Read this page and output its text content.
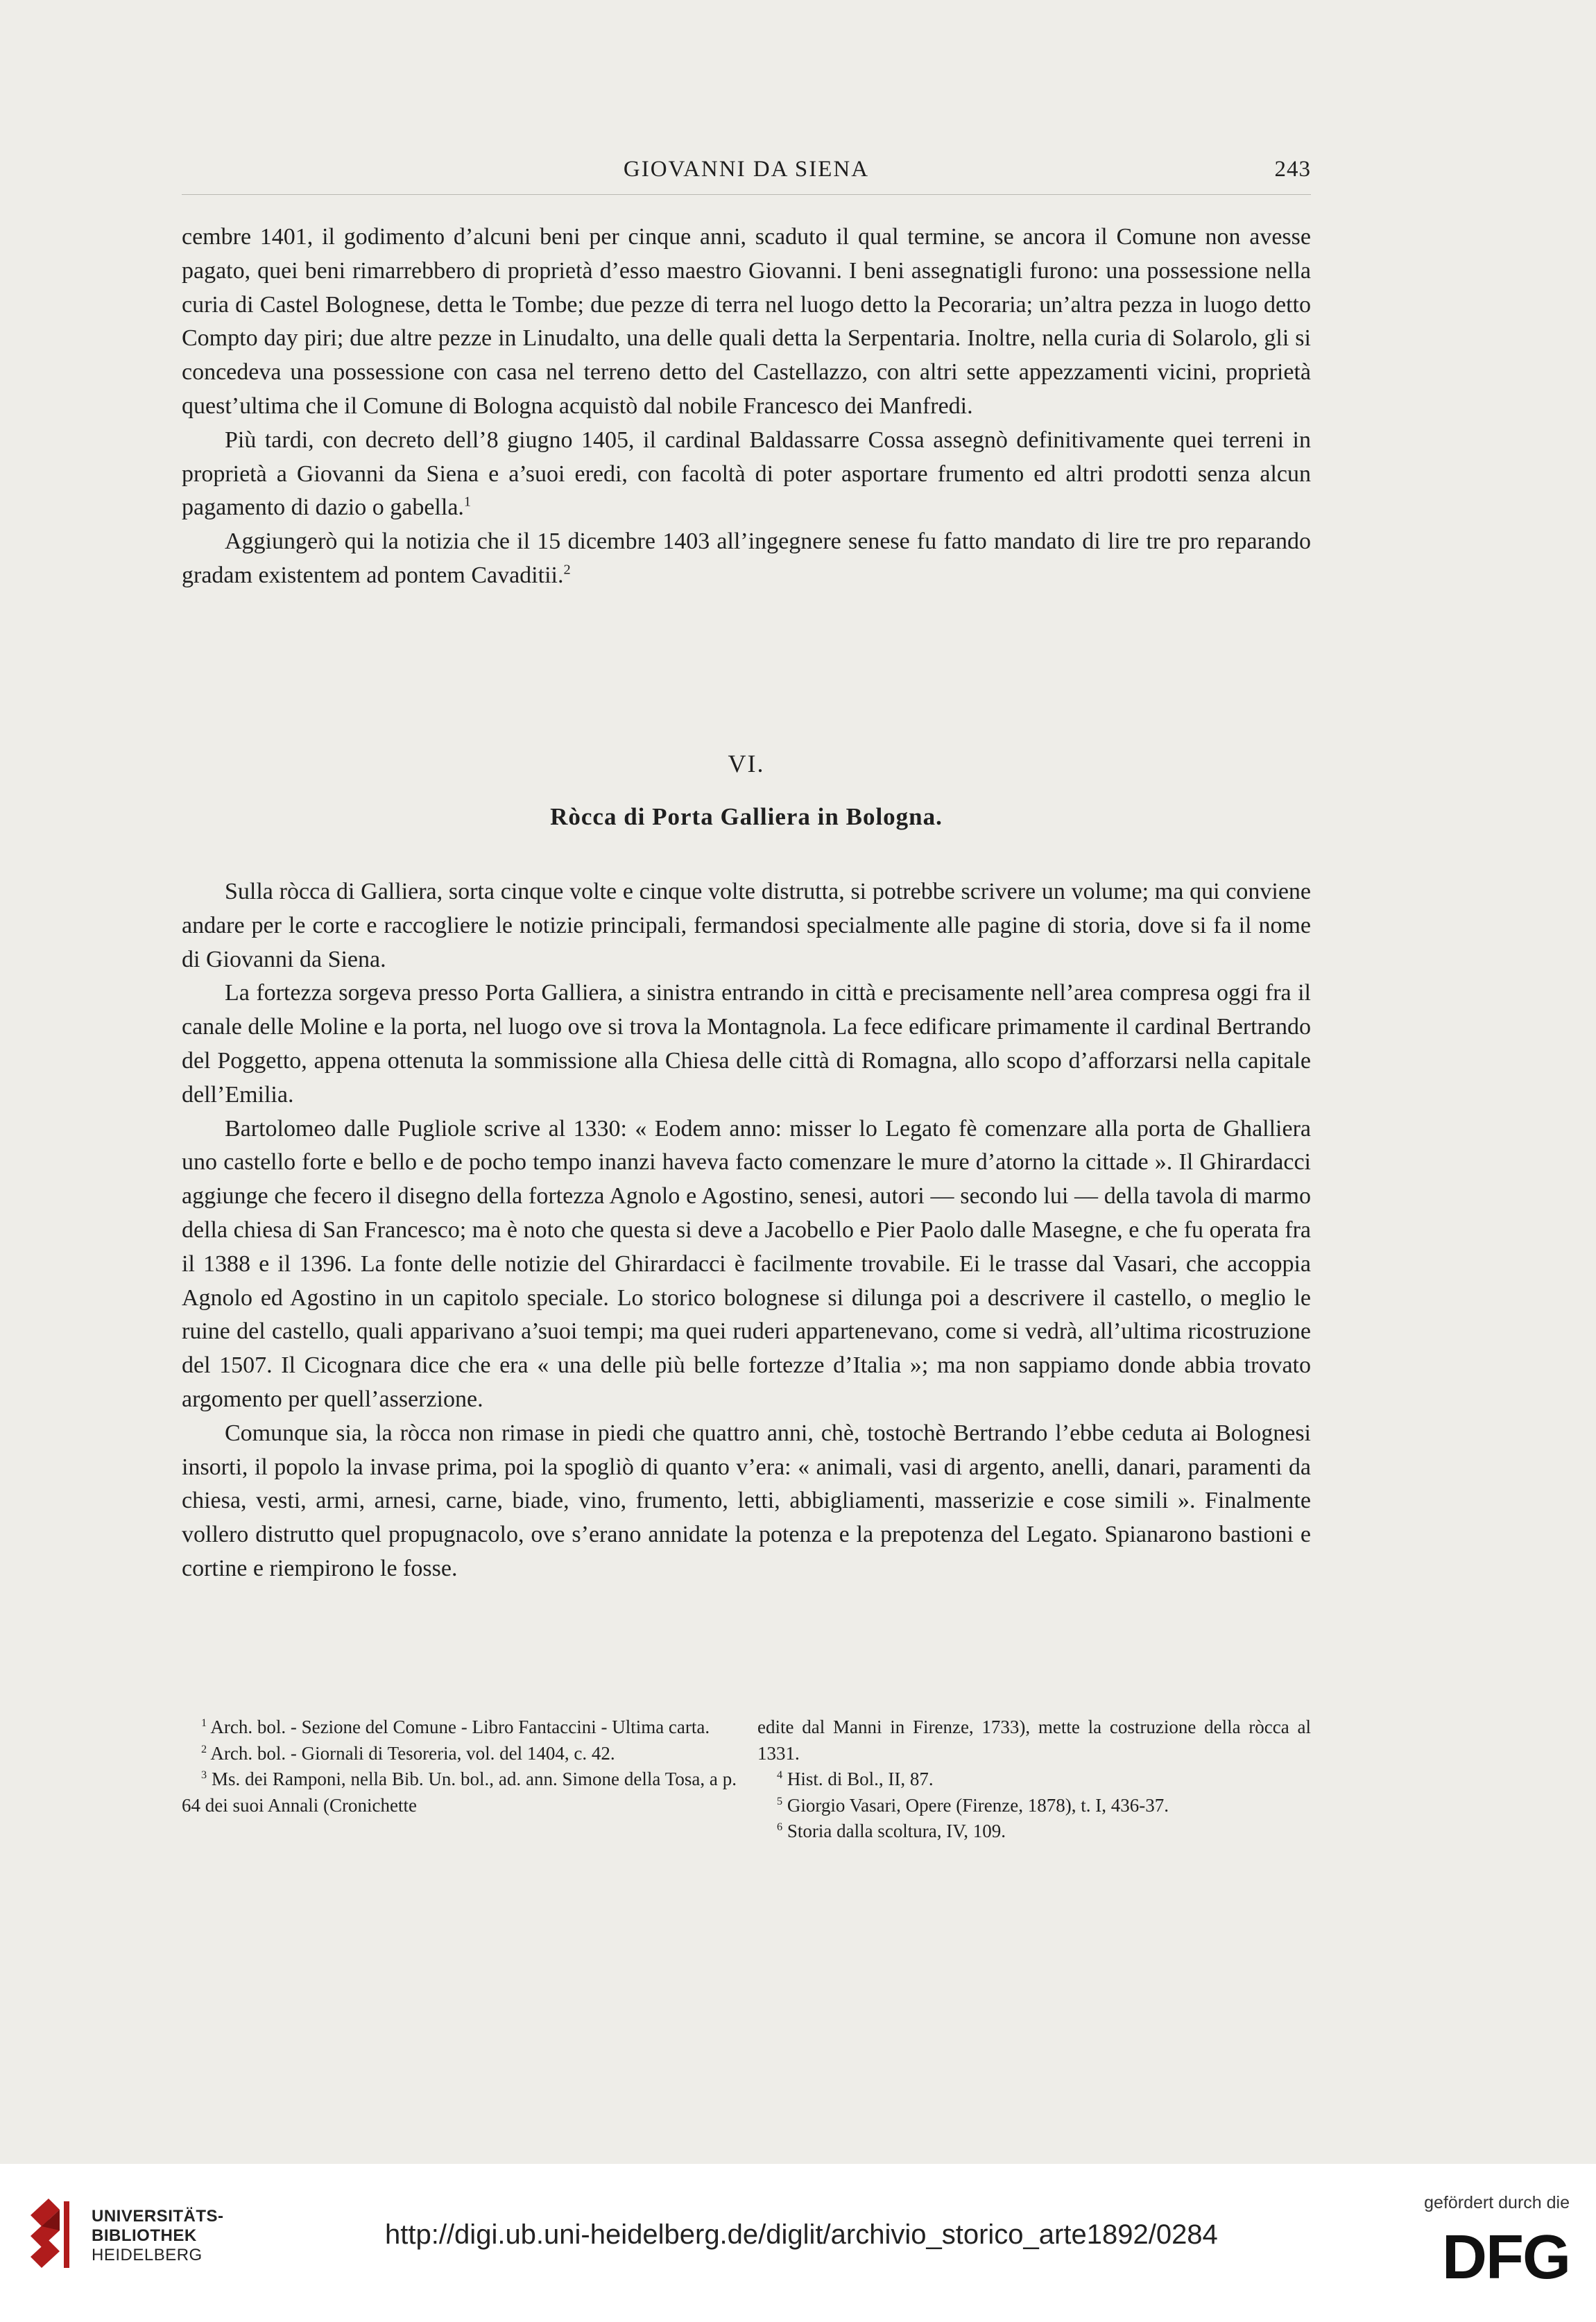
GIOVANNI DA SIENA	243

cembre 1401, il godimento d’alcuni beni per cinque anni, scaduto il qual termine, se ancora il Comune non avesse pagato, quei beni rimarrebbero di proprietà d’esso maestro Giovanni. I beni assegnatigli furono: una possessione nella curia di Castel Bolognese, detta le Tombe; due pezze di terra nel luogo detto la Pecoraria; un’altra pezza in luogo detto Compto day piri; due altre pezze in Linudalto, una delle quali detta la Serpentaria. Inoltre, nella curia di Solarolo, gli si concedeva una possessione con casa nel terreno detto del Castellazzo, con altri sette appezzamenti vicini, proprietà quest’ultima che il Comune di Bologna acquistò dal nobile Francesco dei Manfredi.

Più tardi, con decreto dell’8 giugno 1405, il cardinal Baldassarre Cossa assegnò definitivamente quei terreni in proprietà a Giovanni da Siena e a’suoi eredi, con facoltà di poter asportare frumento ed altri prodotti senza alcun pagamento di dazio o gabella.$^1$

Aggiungerò qui la notizia che il 15 dicembre 1403 all’ingegnere senese fu fatto mandato di lire tre pro reparando gradam existentem ad pontem Cavaditii.$^2$

VI.
Ròcca di Porta Galliera in Bologna.

Sulla ròcca di Galliera, sorta cinque volte e cinque volte distrutta, si potrebbe scrivere un volume; ma qui conviene andare per le corte e raccogliere le notizie principali, fermandosi specialmente alle pagine di storia, dove si fa il nome di Giovanni da Siena.

La fortezza sorgeva presso Porta Galliera, a sinistra entrando in città e precisamente nell’area compresa oggi fra il canale delle Moline e la porta, nel luogo ove si trova la Montagnola. La fece edificare primamente il cardinal Bertrando del Poggetto, appena ottenuta la sommissione alla Chiesa delle città di Romagna, allo scopo d’afforzarsi nella capitale dell’Emilia.

Bartolomeo dalle Pugliole scrive al 1330: « Eodem anno: misser lo Legato fè comenzare alla porta de Ghalliera uno castello forte e bello e de pocho tempo inanzi haveva facto comenzare le mure d’atorno la cittade ». Il Ghirardacci aggiunge che fecero il disegno della fortezza Agnolo e Agostino, senesi, autori — secondo lui — della tavola di marmo della chiesa di San Francesco; ma è noto che questa si deve a Jacobello e Pier Paolo dalle Masegne, e che fu operata fra il 1388 e il 1396. La fonte delle notizie del Ghirardacci è facilmente trovabile. Ei le trasse dal Vasari, che accoppia Agnolo ed Agostino in un capitolo speciale. Lo storico bolognese si dilunga poi a descrivere il castello, o meglio le ruine del castello, quali apparivano a’suoi tempi; ma quei ruderi appartenevano, come si vedrà, all’ultima ricostruzione del 1507. Il Cicognara dice che era « una delle più belle fortezze d’Italia »; ma non sappiamo donde abbia trovato argomento per quell’asserzione.

Comunque sia, la ròcca non rimase in piedi che quattro anni, chè, tostochè Bertrando l’ebbe ceduta ai Bolognesi insorti, il popolo la invase prima, poi la spogliò di quanto v’era: « animali, vasi di argento, anelli, danari, paramenti da chiesa, vesti, armi, arnesi, carne, biade, vino, frumento, letti, abbigliamenti, masserizie e cose simili ». Finalmente vollero distrutto quel propugnacolo, ove s’erano annidate la potenza e la prepotenza del Legato. Spianarono bastioni e cortine e riempirono le fosse.

$^1$ Arch. bol. - Sezione del Comune - Libro Fantaccini - Ultima carta.

$^2$ Arch. bol. - Giornali di Tesoreria, vol. del 1404, c. 42.

$^3$ Ms. dei Ramponi, nella Bib. Un. bol., ad. ann. Simone della Tosa, a p. 64 dei suoi Annali (Cronichette

edite dal Manni in Firenze, 1733), mette la costruzione della ròcca al 1331.

$^4$ Hist. di Bol., II, 87.

$^5$ Giorgio Vasari, Opere (Firenze, 1878), t. I, 436-37.

$^6$ Storia dalla scoltura, IV, 109.

UNIVERSITÄTS-
BIBLIOTHEK
HEIDELBERG
http://digi.ub.uni-heidelberg.de/diglit/archivio_storico_arte1892/0284
gefördert durch die
DFG
